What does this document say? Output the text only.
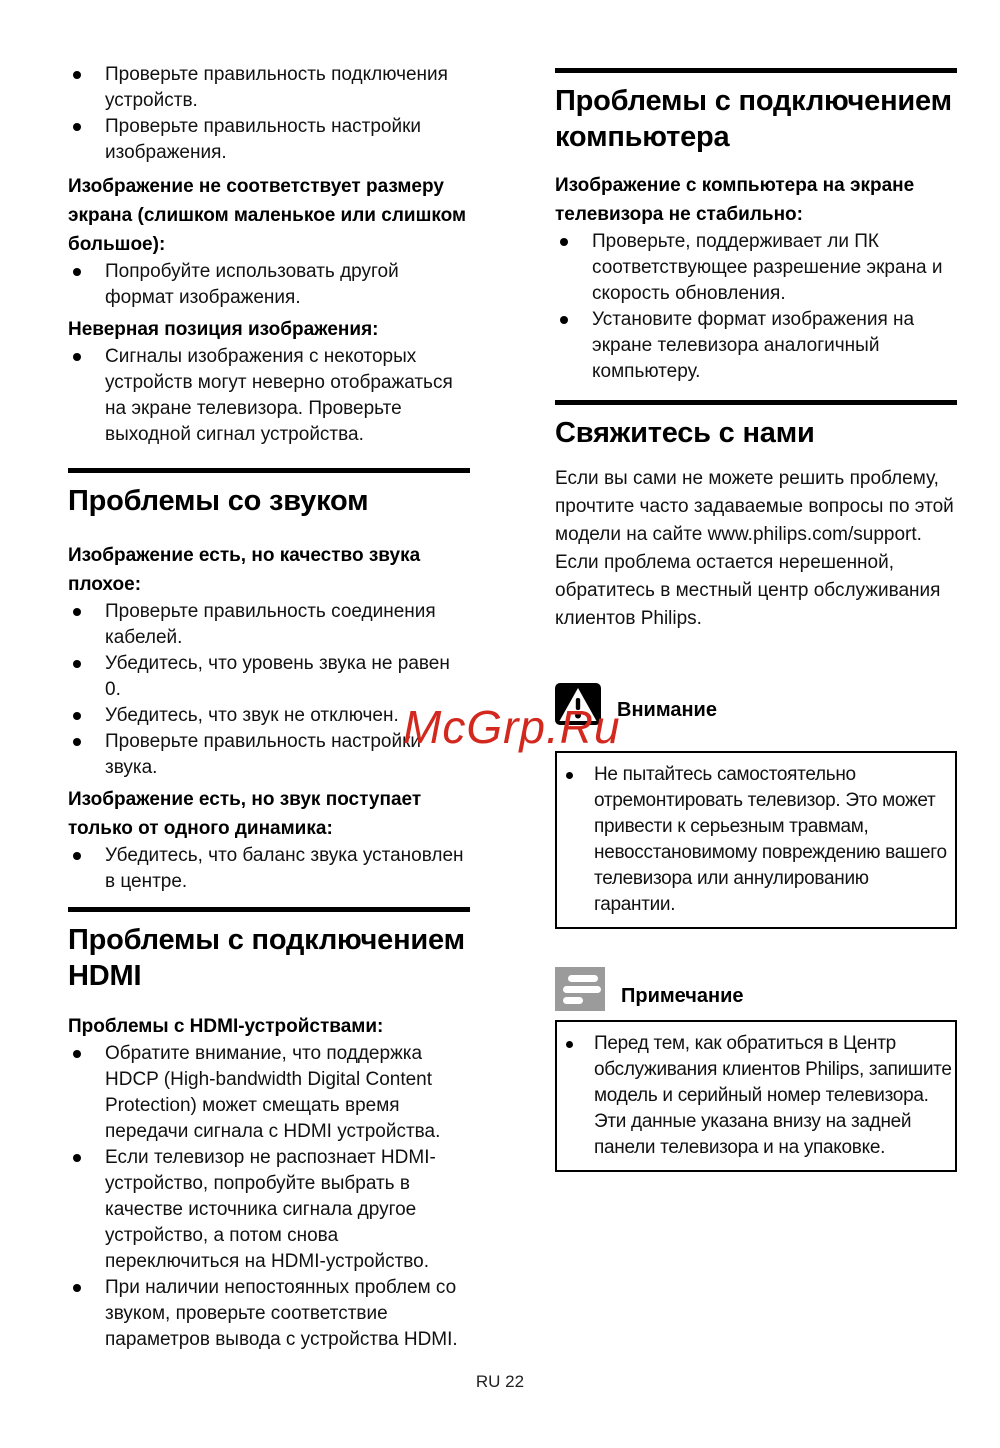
McGrp.Ru
Проверьте правильность подключения устройств.
Проверьте правильность настройки изображения.

Изображение не соответствует размеру экрана (слишком маленькое или слишком большое):

Попробуйте использовать другой формат изображения.

Неверная позиция изображения:

Сигналы изображения с некоторых устройств могут неверно отображаться на экране телевизора. Проверьте выходной сигнал устройства.
Проблемы со звуком

Изображение есть, но качество звука плохое:

Проверьте правильность соединения кабелей.
Убедитесь, что уровень звука не равен 0.
Убедитесь, что звук не отключен.
Проверьте правильность настройки звука.

Изображение есть, но звук поступает только от одного динамика:

Убедитесь, что баланс звука установлен в центре.
Проблемы с подключением HDMI

Проблемы с HDMI-устройствами:

Обратите внимание, что поддержка HDCP (High-bandwidth Digital Content Protection) может смещать время передачи сигнала с HDMI устройства.
Если телевизор не распознает HDMI-устройство, попробуйте выбрать в качестве источника сигнала другое устройство, а потом снова переключиться на HDMI-устройство.
При наличии непостоянных проблем со звуком, проверьте соответствие параметров вывода с устройства HDMI.
Проблемы с подключением компьютера

Изображение с компьютера на экране телевизора не стабильно:

Проверьте, поддерживает ли ПК соответствующее разрешение экрана и скорость обновления.
Установите формат изображения на экране телевизора аналогичный компьютеру.
Свяжитесь с нами

Если вы сами не можете решить проблему, прочтите часто задаваемые вопросы по этой модели на сайте www.philips.com/support. Если проблема остается нерешенной, обратитесь в местный центр обслуживания клиентов Philips.

Внимание
Не пытайтесь самостоятельно отремонтировать телевизор. Это может привести к серьезным травмам, невосстановимому повреждению вашего телевизора или аннулированию гарантии.
Примечание
Перед тем, как обратиться в Центр обслуживания клиентов Philips, запишите модель и серийный номер телевизора. Эти данные указана внизу на задней панели телевизора и на упаковке.
RU 22
